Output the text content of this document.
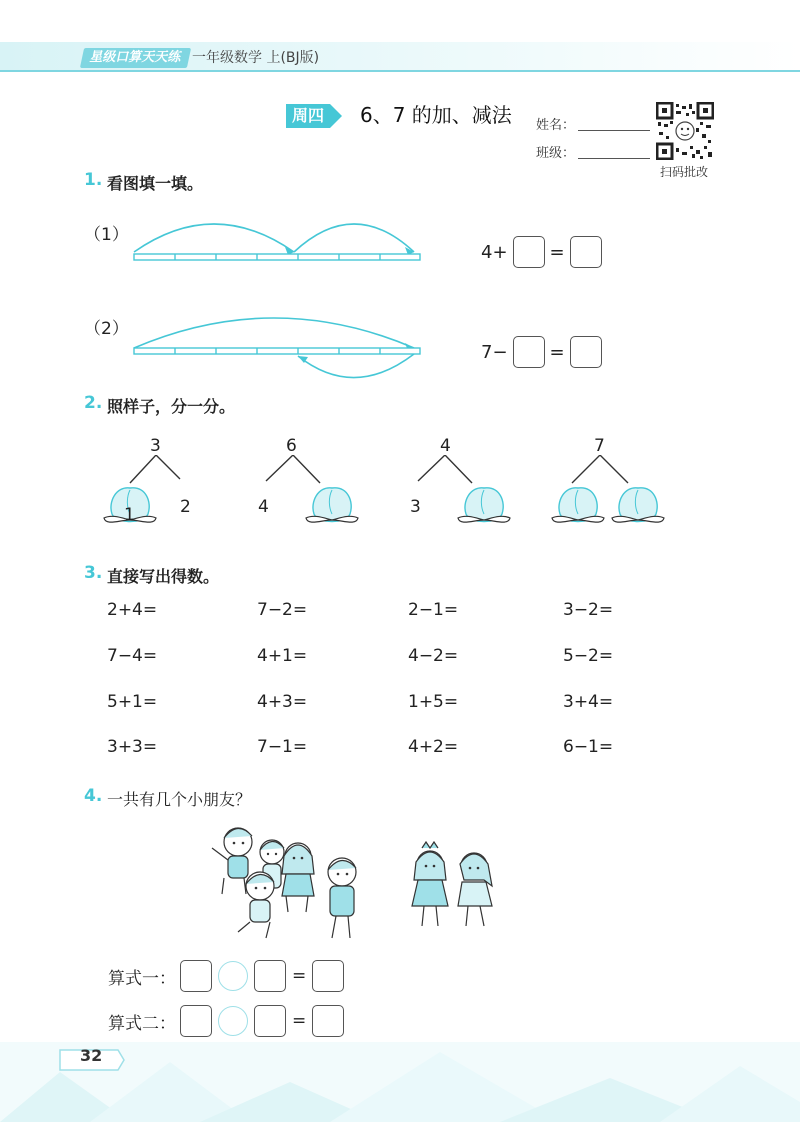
星级口算天天练 一年级数学 上(BJ版)
周四	6、7 的加、减法 姓名：
班级：
扫码批改
1. 看图填一填。
（1）
4+ =
（2）
7− =
2. 照样子，分一分。
3	6	4	7
1	2	4	3
3. 直接写出得数。
2+4=	7−2=	2−1=	3−2=
7−4=	4+1=	4−2=	5−2=
5+1=	4+3=	1+5=	3+4=
3+3=	7−1=	4+2=	6−1=
4. 一共有几个小朋友？
算式一：	=
算式二：	=
32
